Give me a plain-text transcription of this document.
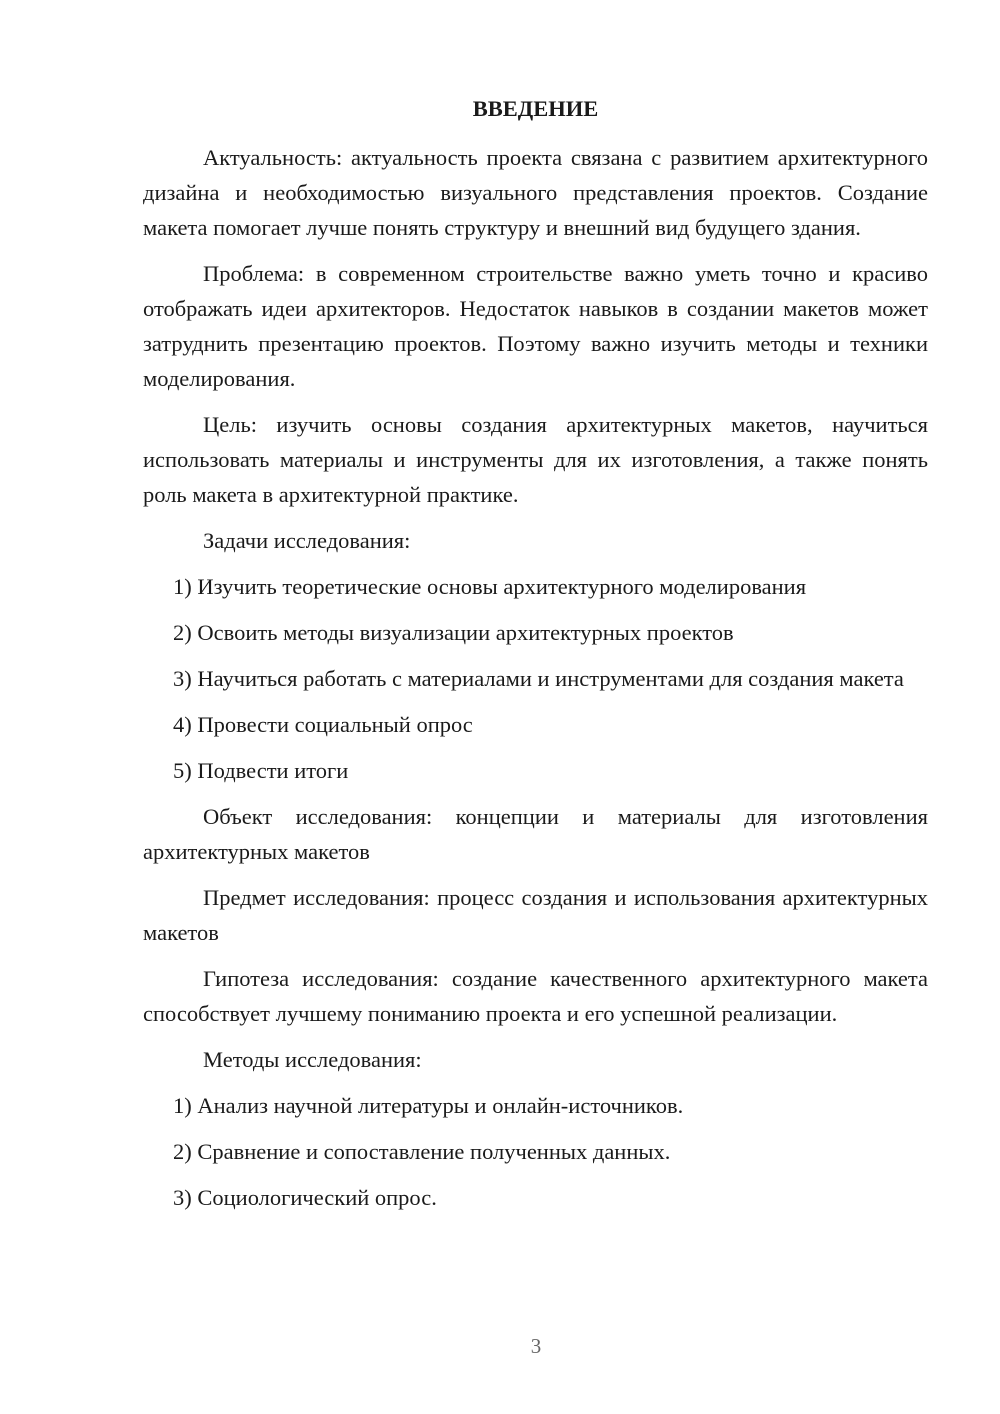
ВВЕДЕНИЕ

Актуальность: актуальность проекта связана с развитием архитектурного дизайна и необходимостью визуального представления проектов. Создание макета помогает лучше понять структуру и внешний вид будущего здания.

Проблема: в современном строительстве важно уметь точно и красиво отображать идеи архитекторов. Недостаток навыков в создании макетов может затруднить презентацию проектов. Поэтому важно изучить методы и техники моделирования.

Цель: изучить основы создания архитектурных макетов, научиться использовать материалы и инструменты для их изготовления, а также понять роль макета в архитектурной практике.

Задачи исследования:

1) Изучить теоретические основы архитектурного моделирования

2) Освоить методы визуализации архитектурных проектов

3) Научиться работать с материалами и инструментами для создания макета

4) Провести социальный опрос

5) Подвести итоги

Объект исследования: концепции и материалы для изготовления архитектурных макетов

Предмет исследования: процесс создания и использования архитектурных макетов

Гипотеза исследования: создание качественного архитектурного макета способствует лучшему пониманию проекта и его успешной реализации.

Методы исследования:

1) Анализ научной литературы и онлайн-источников.

2) Сравнение и сопоставление полученных данных.

3) Социологический опрос.

3
